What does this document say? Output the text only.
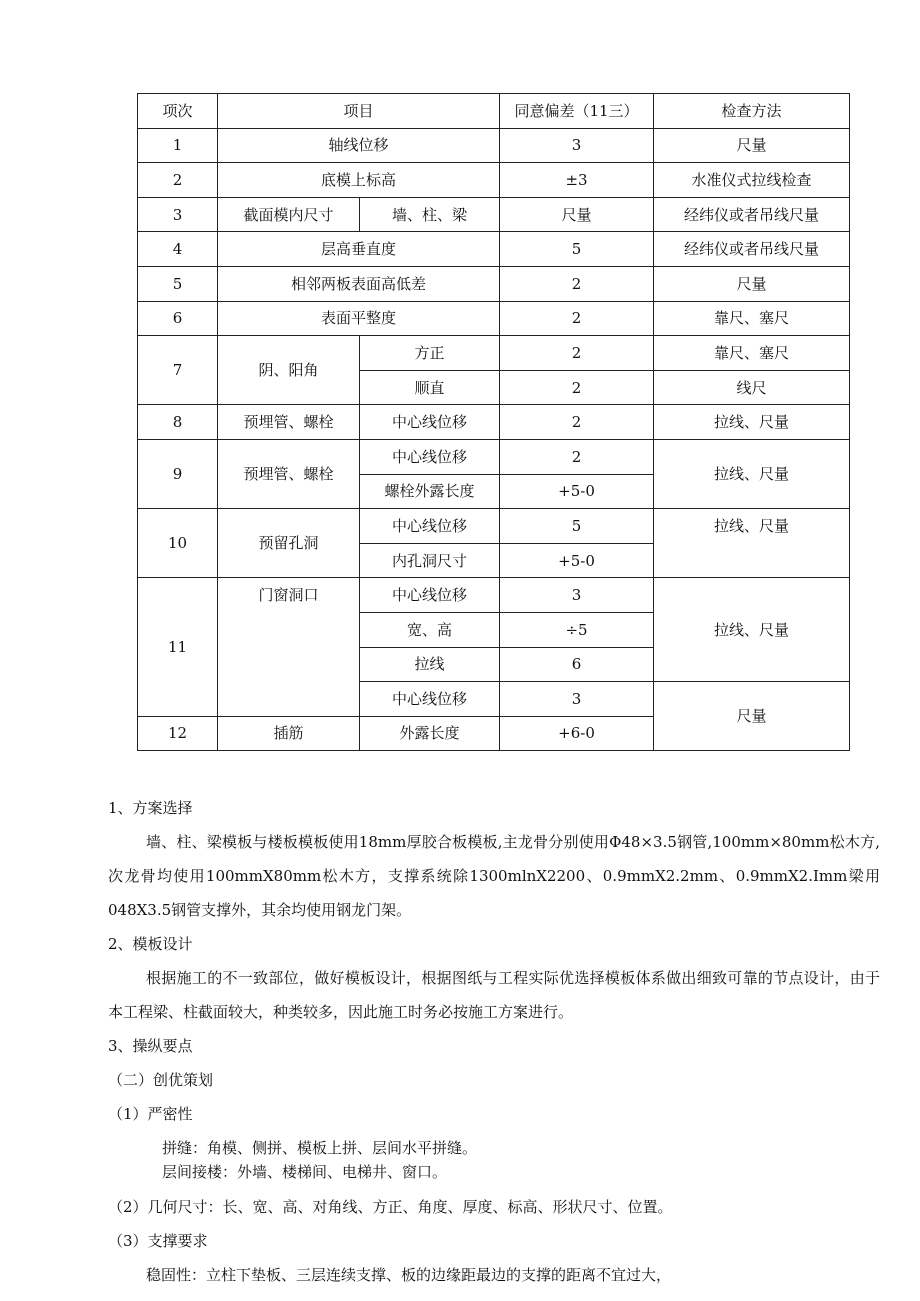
项次	项目		同意偏差（11三）	检查方法
1	轴线位移		3	尺量
2	底模上标高		±3	水准仪式拉线检查
3	截面模内尺寸	墙、柱、梁	尺量	经纬仪或者吊线尺量
4	层高垂直度		5	经纬仪或者吊线尺量
5	相邻两板表面高低差		2	尺量
6	表面平整度		2	靠尺、塞尺
7	阴、阳角	方正	2	靠尺、塞尺
		顺直	2	线尺
8	预埋管、螺栓	中心线位移	2	拉线、尺量
9	预埋管、螺栓	中心线位移	2	拉线、尺量
		螺栓外露长度	+5-0	
10	预留孔洞	中心线位移	5	拉线、尺量
		内孔洞尺寸	+5-0	
11	门窗洞口	中心线位移	3	拉线、尺量
		宽、高	÷5	
		拉线	6	
		中心线位移	3	尺量
12	插筋	外露长度	+6-0	

1、方案选择

墙、柱、梁模板与楼板模板使用18mm厚胶合板模板,主龙骨分别使用Φ48×3.5钢管,100mm×80mm松木方,次龙骨均使用100mmX80mm松木方，支撑系统除1300mlnX2200、0.9mmX2.2mm、0.9mmX2.Imm梁用048X3.5钢管支撑外，其余均使用钢龙门架。

2、模板设计

根据施工的不一致部位，做好模板设计，根据图纸与工程实际优选择模板体系做出细致可靠的节点设计，由于本工程梁、柱截面较大，种类较多，因此施工时务必按施工方案进行。

3、操纵要点

（二）创优策划

（1）严密性

拼缝：角模、侧拼、模板上拼、层间水平拼缝。

层间接楼：外墙、楼梯间、电梯井、窗口。

（2）几何尺寸：长、宽、高、对角线、方正、角度、厚度、标高、形状尺寸、位置。

（3）支撑要求

稳固性：立柱下垫板、三层连续支撑、板的边缘距最边的支撑的距离不宜过大，
